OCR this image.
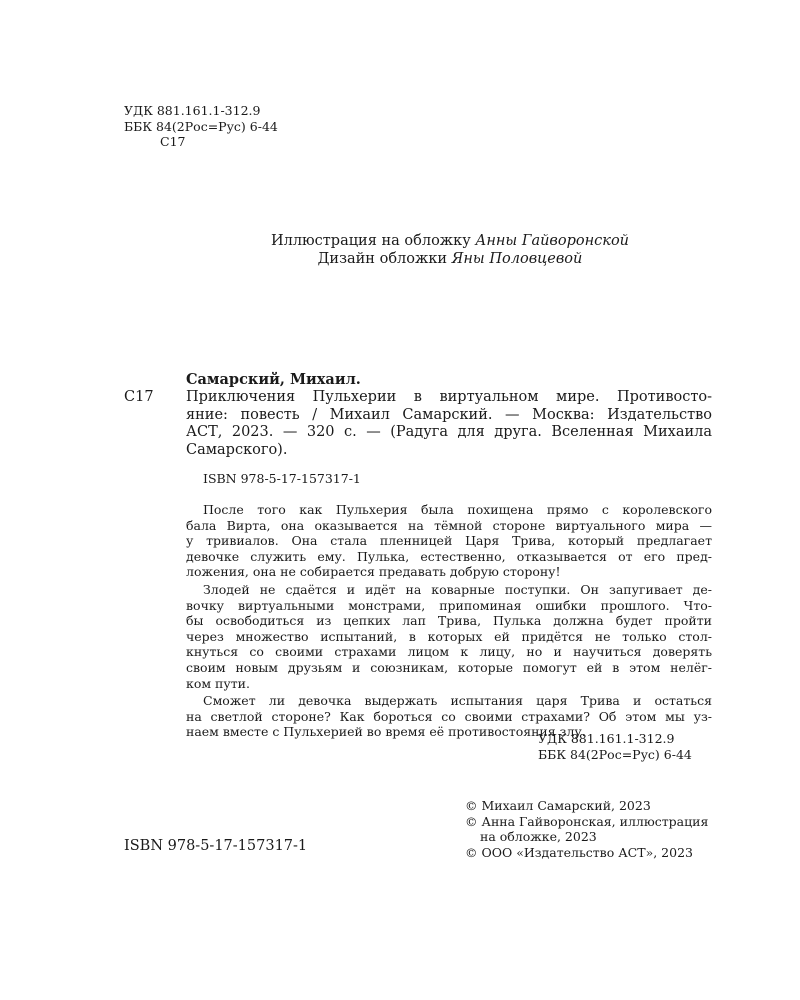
УДК 881.161.1-312.9
ББК 84(2Рос=Рус) 6-44
С17
Иллюстрация на обложку Анны Гайворонской
Дизайн обложки Яны Половцевой
Самарский, Михаил.
С17 Приключения Пульхерии в виртуальном мире. Противосто-
яние: повесть / Михаил Самарский. — Москва: Издательство
АСТ, 2023. — 320 с. — (Радуга для друга. Вселенная Михаила
Самарского).
ISBN 978-5-17-157317-1
После того как Пульхерия была похищена прямо с королевского
бала Вирта, она оказывается на тёмной стороне виртуального мира —
у тривиалов. Она стала пленницей Царя Трива, который предлагает
девочке служить ему. Пулька, естественно, отказывается от его пред-
ложения, она не собирается предавать добрую сторону!
Злодей не сдаётся и идёт на коварные поступки. Он запугивает де-
вочку виртуальными монстрами, припоминая ошибки прошлого. Что-
бы освободиться из цепких лап Трива, Пулька должна будет пройти
через множество испытаний, в которых ей придётся не только стол-
кнуться со своими страхами лицом к лицу, но и научиться доверять
своим новым друзьям и союзникам, которые помогут ей в этом нелёг-
ком пути.
Сможет ли девочка выдержать испытания царя Трива и остаться
на светлой стороне? Как бороться со своими страхами? Об этом мы уз-
наем вместе с Пульхерией во время её противостояния злу.
УДК 881.161.1-312.9
ББК 84(2Рос=Рус) 6-44
ISBN 978-5-17-157317-1
© Михаил Самарский, 2023
© Анна Гайворонская, иллюстрация
на обложке, 2023
© ООО «Издательство АСТ», 2023
